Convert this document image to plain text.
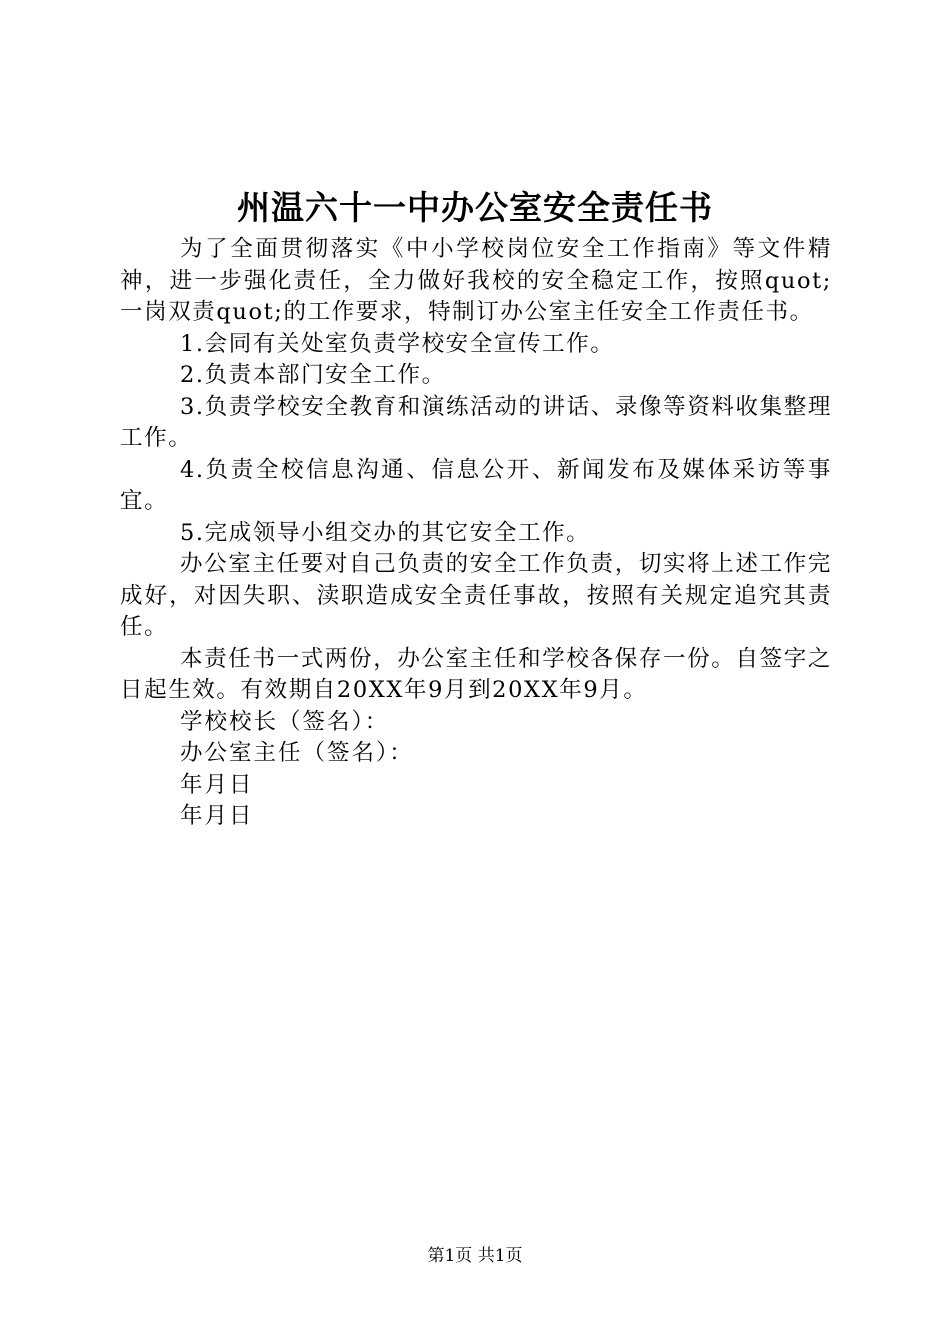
州温六十一中办公室安全责任书

为了全面贯彻落实《中小学校岗位安全工作指南》等文件精神，进一步强化责任，全力做好我校的安全稳定工作，按照quot;一岗双责quot;的工作要求，特制订办公室主任安全工作责任书。

1.会同有关处室负责学校安全宣传工作。

2.负责本部门安全工作。

3.负责学校安全教育和演练活动的讲话、录像等资料收集整理工作。

4.负责全校信息沟通、信息公开、新闻发布及媒体采访等事宜。

5.完成领导小组交办的其它安全工作。

办公室主任要对自己负责的安全工作负责，切实将上述工作完成好，对因失职、渎职造成安全责任事故，按照有关规定追究其责任。

本责任书一式两份，办公室主任和学校各保存一份。自签字之日起生效。有效期自20XX年9月到20XX年9月。

学校校长（签名）：

办公室主任（签名）：

年月日

年月日

第1页 共1页
